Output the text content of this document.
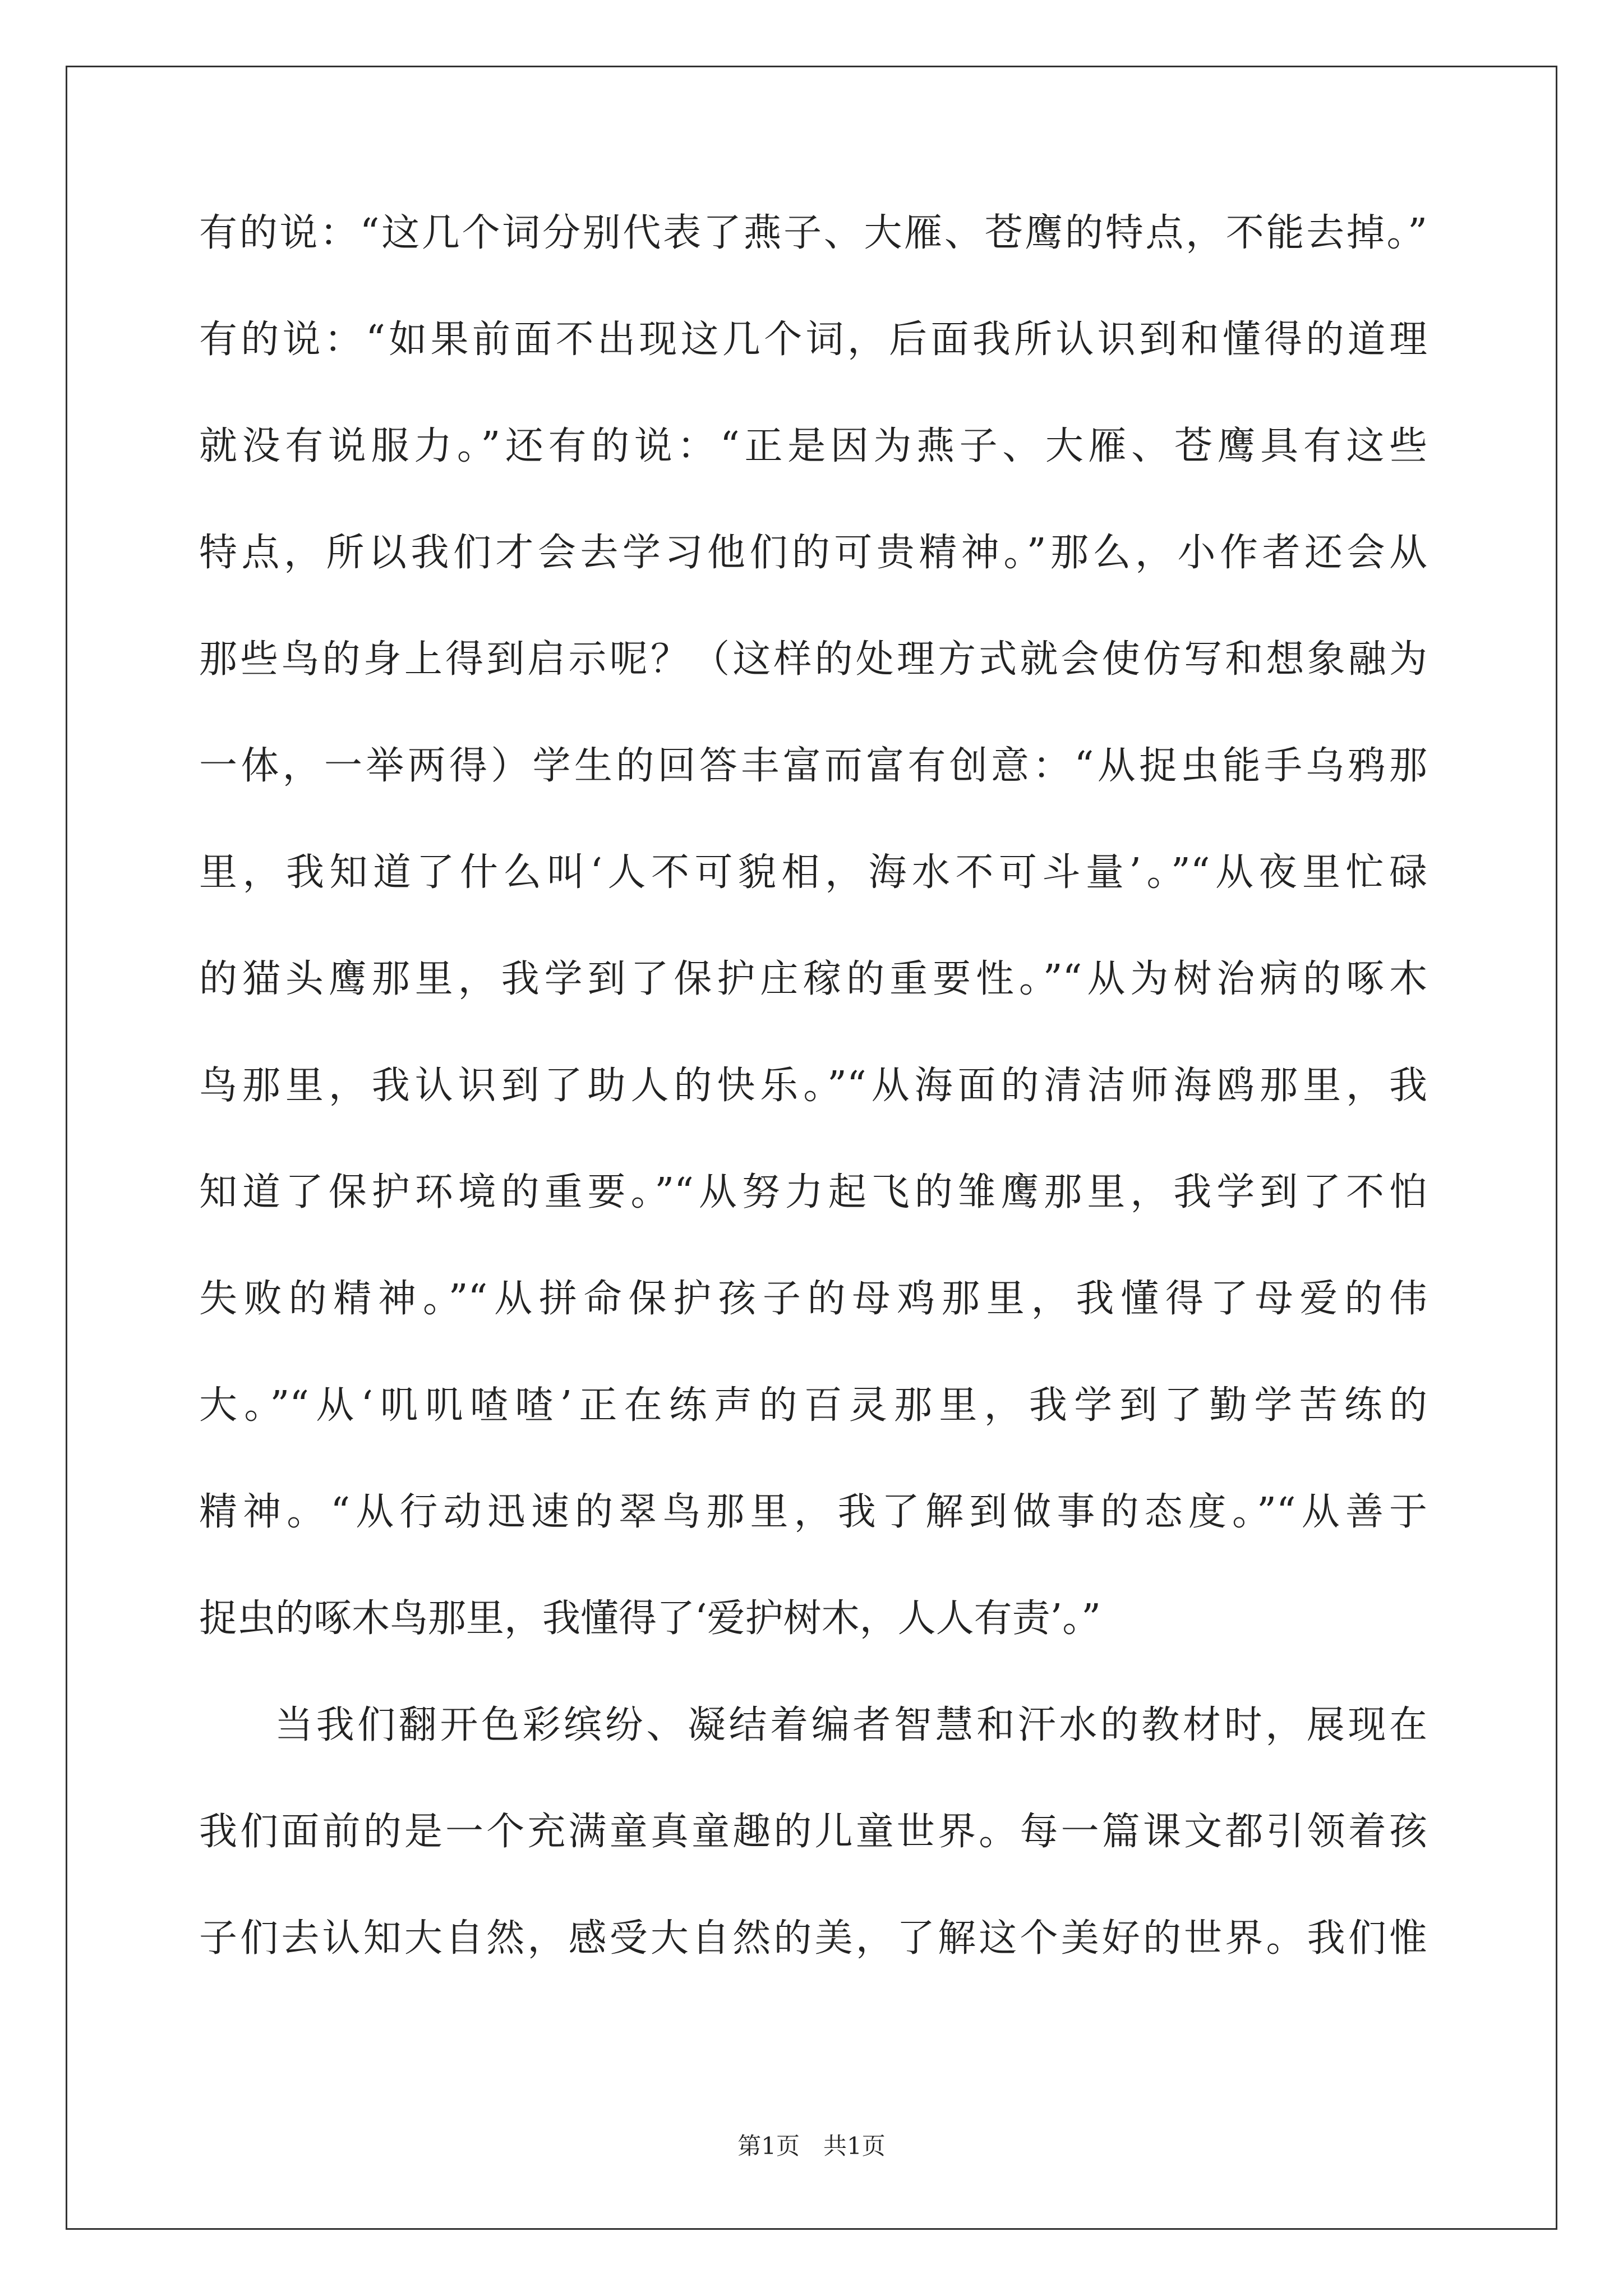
有的说：“这几个词分别代表了燕子、大雁、苍鹰的特点，不能去掉。”
有的说：“如果前面不出现这几个词，后面我所认识到和懂得的道理
就没有说服力。”还有的说：“正是因为燕子、大雁、苍鹰具有这些
特点，所以我们才会去学习他们的可贵精神。”那么，小作者还会从
那些鸟的身上得到启示呢？（这样的处理方式就会使仿写和想象融为
一体，一举两得）学生的回答丰富而富有创意：“从捉虫能手乌鸦那
里，我知道了什么叫‘人不可貌相，海水不可斗量’。”“从夜里忙碌
的猫头鹰那里，我学到了保护庄稼的重要性。”“从为树治病的啄木
鸟那里，我认识到了助人的快乐。”“从海面的清洁师海鸥那里，我
知道了保护环境的重要。”“从努力起飞的雏鹰那里，我学到了不怕
失败的精神。”“从拼命保护孩子的母鸡那里，我懂得了母爱的伟
大。”“从‘叽叽喳喳’正在练声的百灵那里，我学到了勤学苦练的
精神。“从行动迅速的翠鸟那里，我了解到做事的态度。”“从善于
捉虫的啄木鸟那里，我懂得了‘爱护树木，人人有责’。”
当我们翻开色彩缤纷、凝结着编者智慧和汗水的教材时，展现在
我们面前的是一个充满童真童趣的儿童世界。每一篇课文都引领着孩
子们去认知大自然，感受大自然的美，了解这个美好的世界。我们惟
第1页　共1页
